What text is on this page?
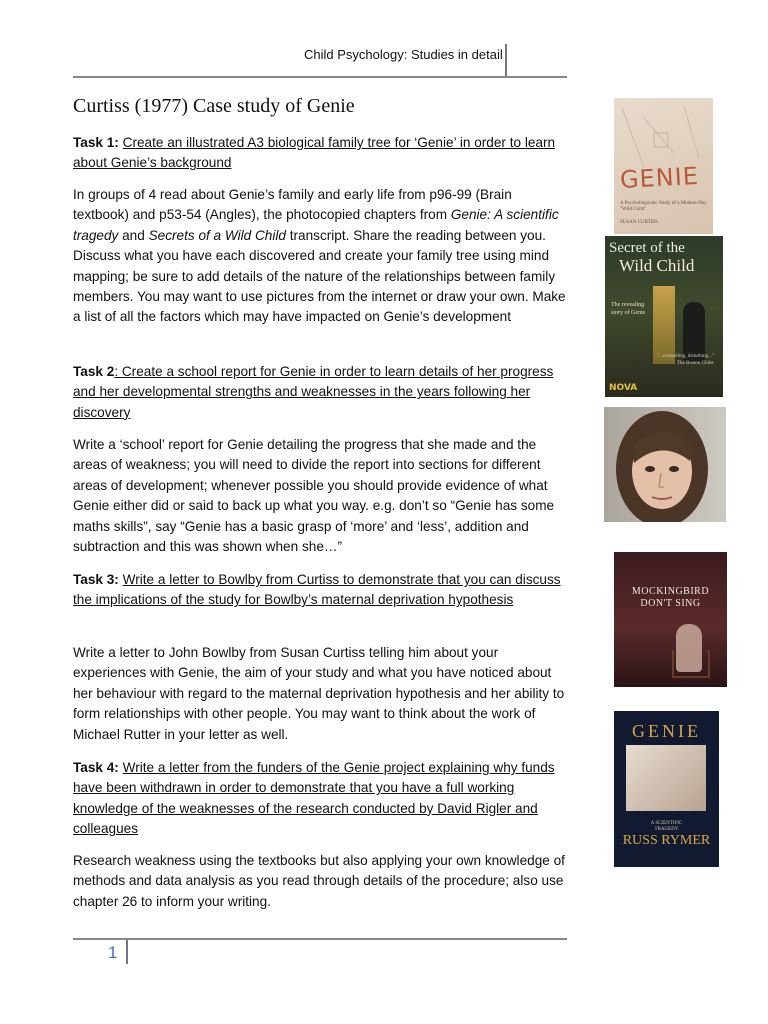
Child Psychology: Studies in detail
Curtiss (1977) Case study of Genie

Task 1: Create an illustrated A3 biological family tree for ‘Genie’ in order to learn about Genie’s background

In groups of 4 read about Genie’s family and early life from p96-99 (Brain textbook) and p53-54 (Angles), the photocopied chapters from Genie: A scientific tragedy and Secrets of a Wild Child transcript. Share the reading between you. Discuss what you have each discovered and create your family tree using mind mapping; be sure to add details of the nature of the relationships between family members. You may want to use pictures from the internet or draw your own. Make a list of all the factors which may have impacted on Genie’s development

Task 2: Create a school report for Genie in order to learn details of her progress and her developmental strengths and weaknesses in the years following her discovery

Write a ‘school’ report for Genie detailing the progress that she made and the areas of weakness; you will need to divide the report into sections for different areas of development; whenever possible you should provide evidence of what Genie either did or said to back up what you way. e.g. don’t so “Genie has some maths skills”, say “Genie has a basic grasp of ‘more’ and ‘less’, addition and subtraction and this was shown when she…”

Task 3: Write a letter to Bowlby from Curtiss to demonstrate that you can discuss the implications of the study for Bowlby’s maternal deprivation hypothesis

Write a letter to John Bowlby from Susan Curtiss telling him about your experiences with Genie, the aim of your study and what you have noticed about her behaviour with regard to the maternal deprivation hypothesis and her ability to form relationships with other people. You may want to think about the work of Michael Rutter in your letter as well.

Task 4: Write a letter from the funders of the Genie project explaining why funds have been withdrawn in order to demonstrate that you have a full working knowledge of the weaknesses of the research conducted by David Rigler and colleagues

Research weakness using the textbooks but also applying your own knowledge of methods and data analysis as you read through details of the procedure; also use chapter 26 to inform your writing.

GENIE
A Psycholinguistic Study of a Modern-Day "Wild Child"
SUSAN CURTISS
Secret of the
Wild Child
The revealing
story of Genie
"...compelling, disturbing..."
The Boston Globe
NOVA
MOCKINGBIRD
DON'T SING
GENIE
A SCIENTIFIC
TRAGEDY
RUSS RYMER
1
